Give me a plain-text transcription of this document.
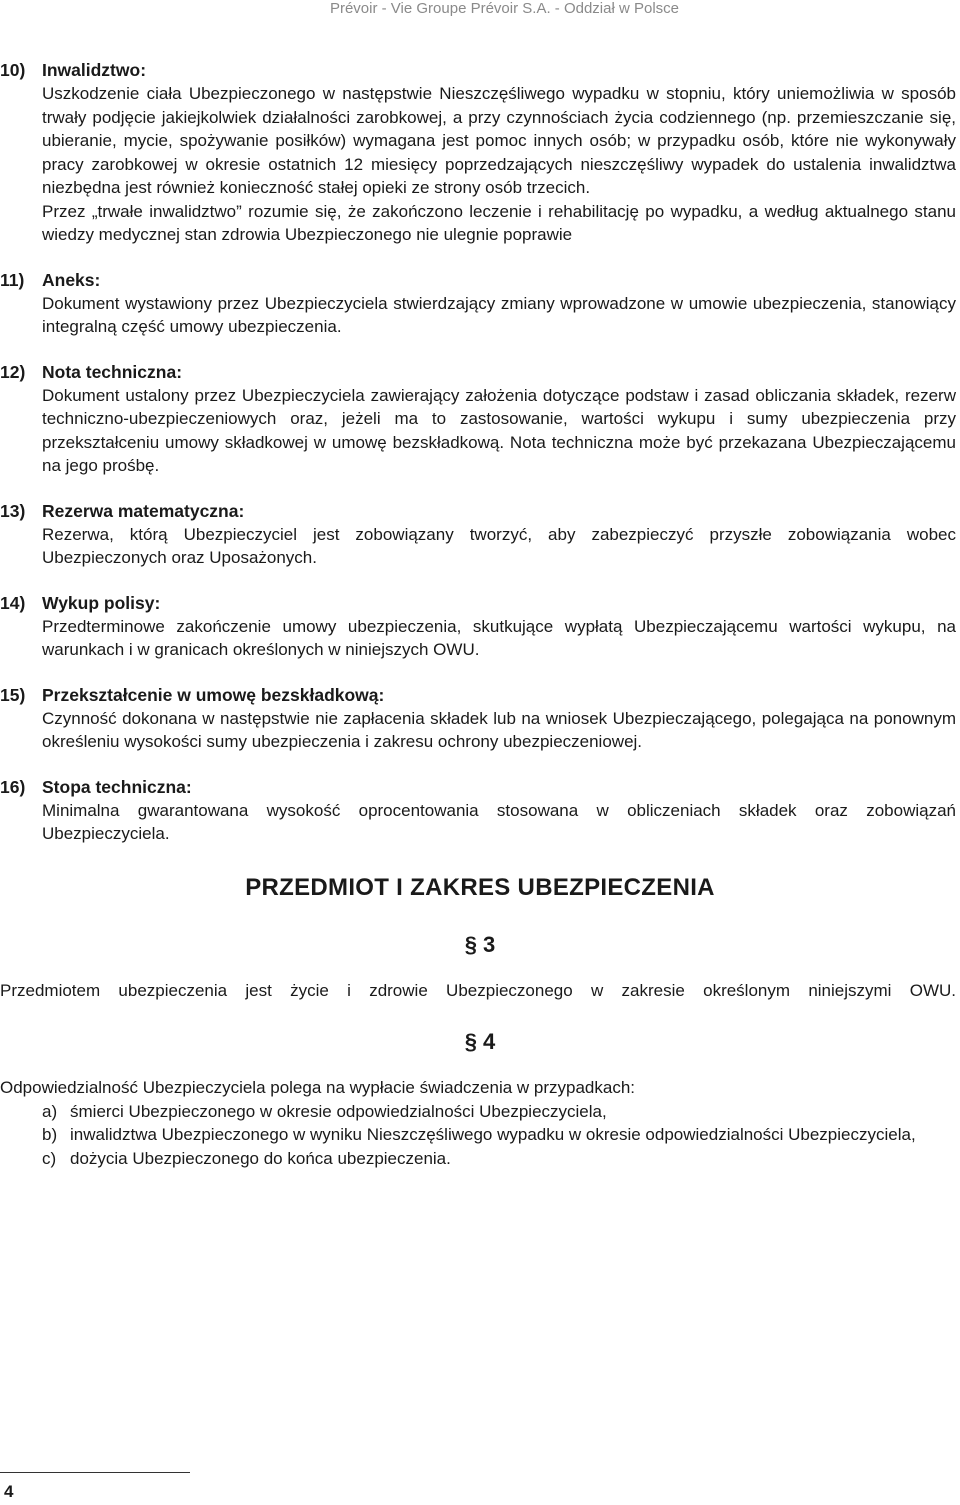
Prévoir - Vie Groupe Prévoir S.A. - Oddział w Polsce
10) Inwalidztwo:

Uszkodzenie ciała Ubezpieczonego w następstwie Nieszczęśliwego wypadku w stopniu, który uniemożliwia w sposób trwały podjęcie jakiejkolwiek działalności zarobkowej, a przy czynnościach życia codziennego (np. przemieszczanie się, ubieranie, mycie, spożywanie posiłków) wymagana jest pomoc innych osób; w przypadku osób, które nie wykonywały pracy zarobkowej w okresie ostatnich 12 miesięcy poprzedzających nieszczęśliwy wypadek do ustalenia inwalidztwa niezbędna jest również konieczność stałej opieki ze strony osób trzecich.

Przez „trwałe inwalidztwo” rozumie się, że zakończono leczenie i rehabilitację po wypadku, a według aktualnego stanu wiedzy medycznej stan zdrowia Ubezpieczonego nie ulegnie poprawie

11)	Aneks:

Dokument wystawiony przez Ubezpieczyciela stwierdzający zmiany wprowadzone w umowie ubezpieczenia, stanowiący integralną część umowy ubezpieczenia.

12) Nota techniczna:

Dokument ustalony przez Ubezpieczyciela zawierający założenia dotyczące podstaw i zasad obliczania składek, rezerw techniczno-ubezpieczeniowych oraz, jeżeli ma to zastosowanie, wartości wykupu i sumy ubezpieczenia przy przekształceniu umowy składkowej w umowę bezskładkową. Nota techniczna może być przekazana Ubezpieczającemu na jego prośbę.

13) Rezerwa matematyczna:

Rezerwa, którą Ubezpieczyciel jest zobowiązany tworzyć, aby zabezpieczyć przyszłe zobowiązania wobec Ubezpieczonych oraz Uposażonych.

14) Wykup polisy:

Przedterminowe zakończenie umowy ubezpieczenia, skutkujące wypłatą Ubezpieczającemu wartości wykupu, na warunkach i w granicach określonych w niniejszych OWU.

15) Przekształcenie w umowę bezskładkową:

Czynność dokonana w następstwie nie zapłacenia składek lub na wniosek Ubezpieczającego, polegająca na ponownym określeniu wysokości sumy ubezpieczenia i zakresu ochrony ubezpieczeniowej.

16) Stopa techniczna:

Minimalna gwarantowana wysokość oprocentowania stosowana w obliczeniach składek oraz zobowiązań Ubezpieczyciela.

PRZEDMIOT I ZAKRES UBEZPIECZENIA
§ 3

Przedmiotem ubezpieczenia jest życie i zdrowie Ubezpieczonego w zakresie określonym niniejszymi OWU.

§ 4

Odpowiedzialność Ubezpieczyciela polega na wypłacie świadczenia w przypadkach:

a) śmierci Ubezpieczonego w okresie odpowiedzialności Ubezpieczyciela,
b) inwalidztwa Ubezpieczonego w wyniku Nieszczęśliwego wypadku w okresie odpowiedzialności Ubezpieczyciela,
c) dożycia Ubezpieczonego do końca ubezpieczenia.
4
